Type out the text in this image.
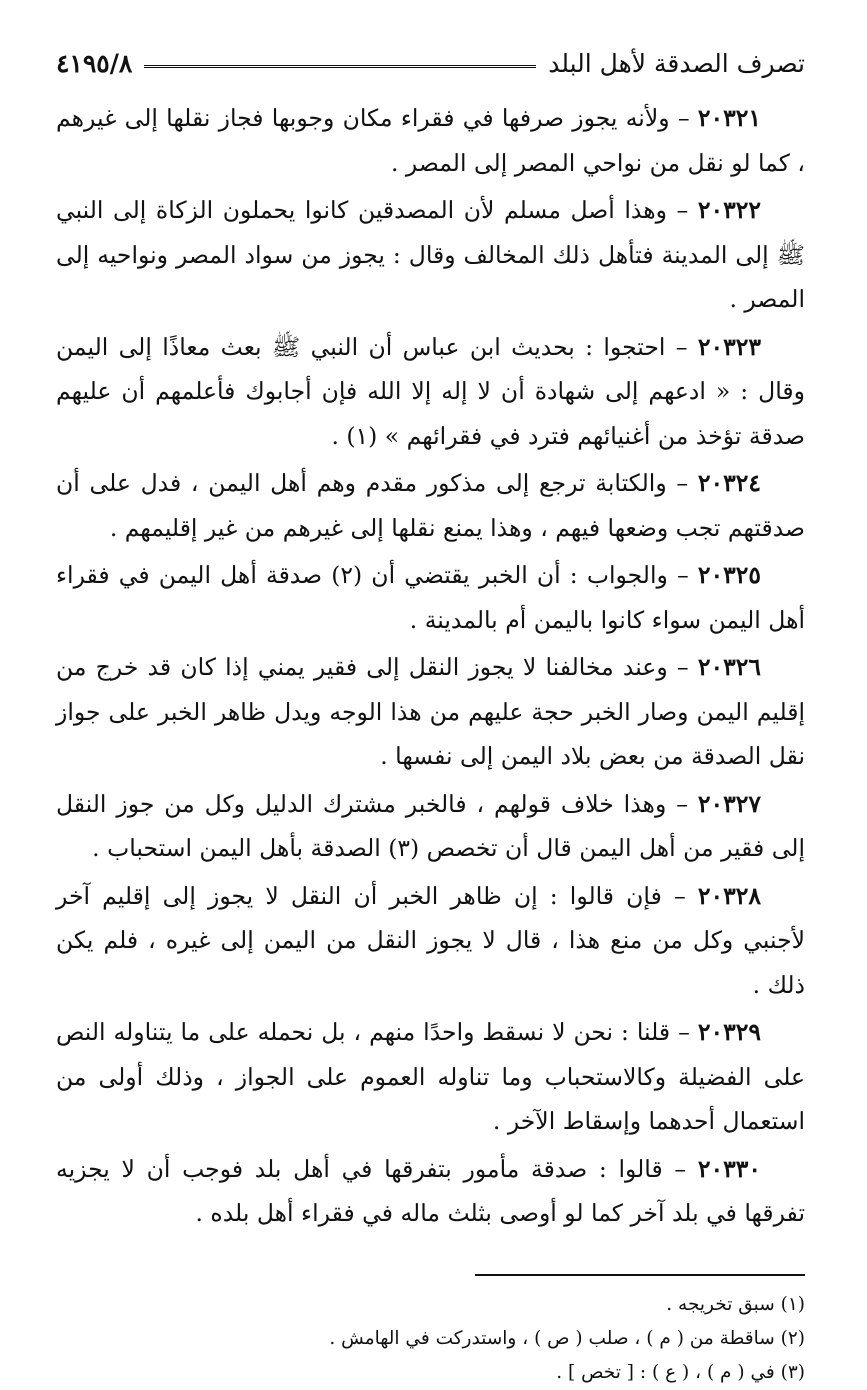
تصرف الصدقة لأهل البلد
٤١٩٥/٨

٢٠٣٢١ – ولأنه يجوز صرفها في فقراء مكان وجوبها فجاز نقلها إلى غيرهم ، كما لو نقل من نواحي المصر إلى المصر .

٢٠٣٢٢ – وهذا أصل مسلم لأن المصدقين كانوا يحملون الزكاة إلى النبي ﷺ إلى المدينة فتأهل ذلك المخالف وقال : يجوز من سواد المصر ونواحيه إلى المصر .

٢٠٣٢٣ – احتجوا : بحديث ابن عباس أن النبي ﷺ بعث معاذًا إلى اليمن وقال : « ادعهم إلى شهادة أن لا إله إلا الله فإن أجابوك فأعلمهم أن عليهم صدقة تؤخذ من أغنيائهم فترد في فقرائهم » (١) .

٢٠٣٢٤ – والكتابة ترجع إلى مذكور مقدم وهم أهل اليمن ، فدل على أن صدقتهم تجب وضعها فيهم ، وهذا يمنع نقلها إلى غيرهم من غير إقليمهم .

٢٠٣٢٥ – والجواب : أن الخبر يقتضي أن (٢) صدقة أهل اليمن في فقراء أهل اليمن سواء كانوا باليمن أم بالمدينة .

٢٠٣٢٦ – وعند مخالفنا لا يجوز النقل إلى فقير يمني إذا كان قد خرج من إقليم اليمن وصار الخبر حجة عليهم من هذا الوجه ويدل ظاهر الخبر على جواز نقل الصدقة من بعض بلاد اليمن إلى نفسها .

٢٠٣٢٧ – وهذا خلاف قولهم ، فالخبر مشترك الدليل وكل من جوز النقل إلى فقير من أهل اليمن قال أن تخصص (٣) الصدقة بأهل اليمن استحباب .

٢٠٣٢٨ – فإن قالوا : إن ظاهر الخبر أن النقل لا يجوز إلى إقليم آخر لأجنبي وكل من منع هذا ، قال لا يجوز النقل من اليمن إلى غيره ، فلم يكن ذلك .

٢٠٣٢٩ – قلنا : نحن لا نسقط واحدًا منهم ، بل نحمله على ما يتناوله النص على الفضيلة وكالاستحباب وما تناوله العموم على الجواز ، وذلك أولى من استعمال أحدهما وإسقاط الآخر .

٢٠٣٣٠ – قالوا : صدقة مأمور بتفرقها في أهل بلد فوجب أن لا يجزيه تفرقها في بلد آخر كما لو أوصى بثلث ماله في فقراء أهل بلده .

(١) سبق تخريجه .

(٢) ساقطة من ( م ) ، صلب ( ص ) ، واستدركت في الهامش .

(٣) في ( م ) ، ( ع ) : [ تخص ] .
